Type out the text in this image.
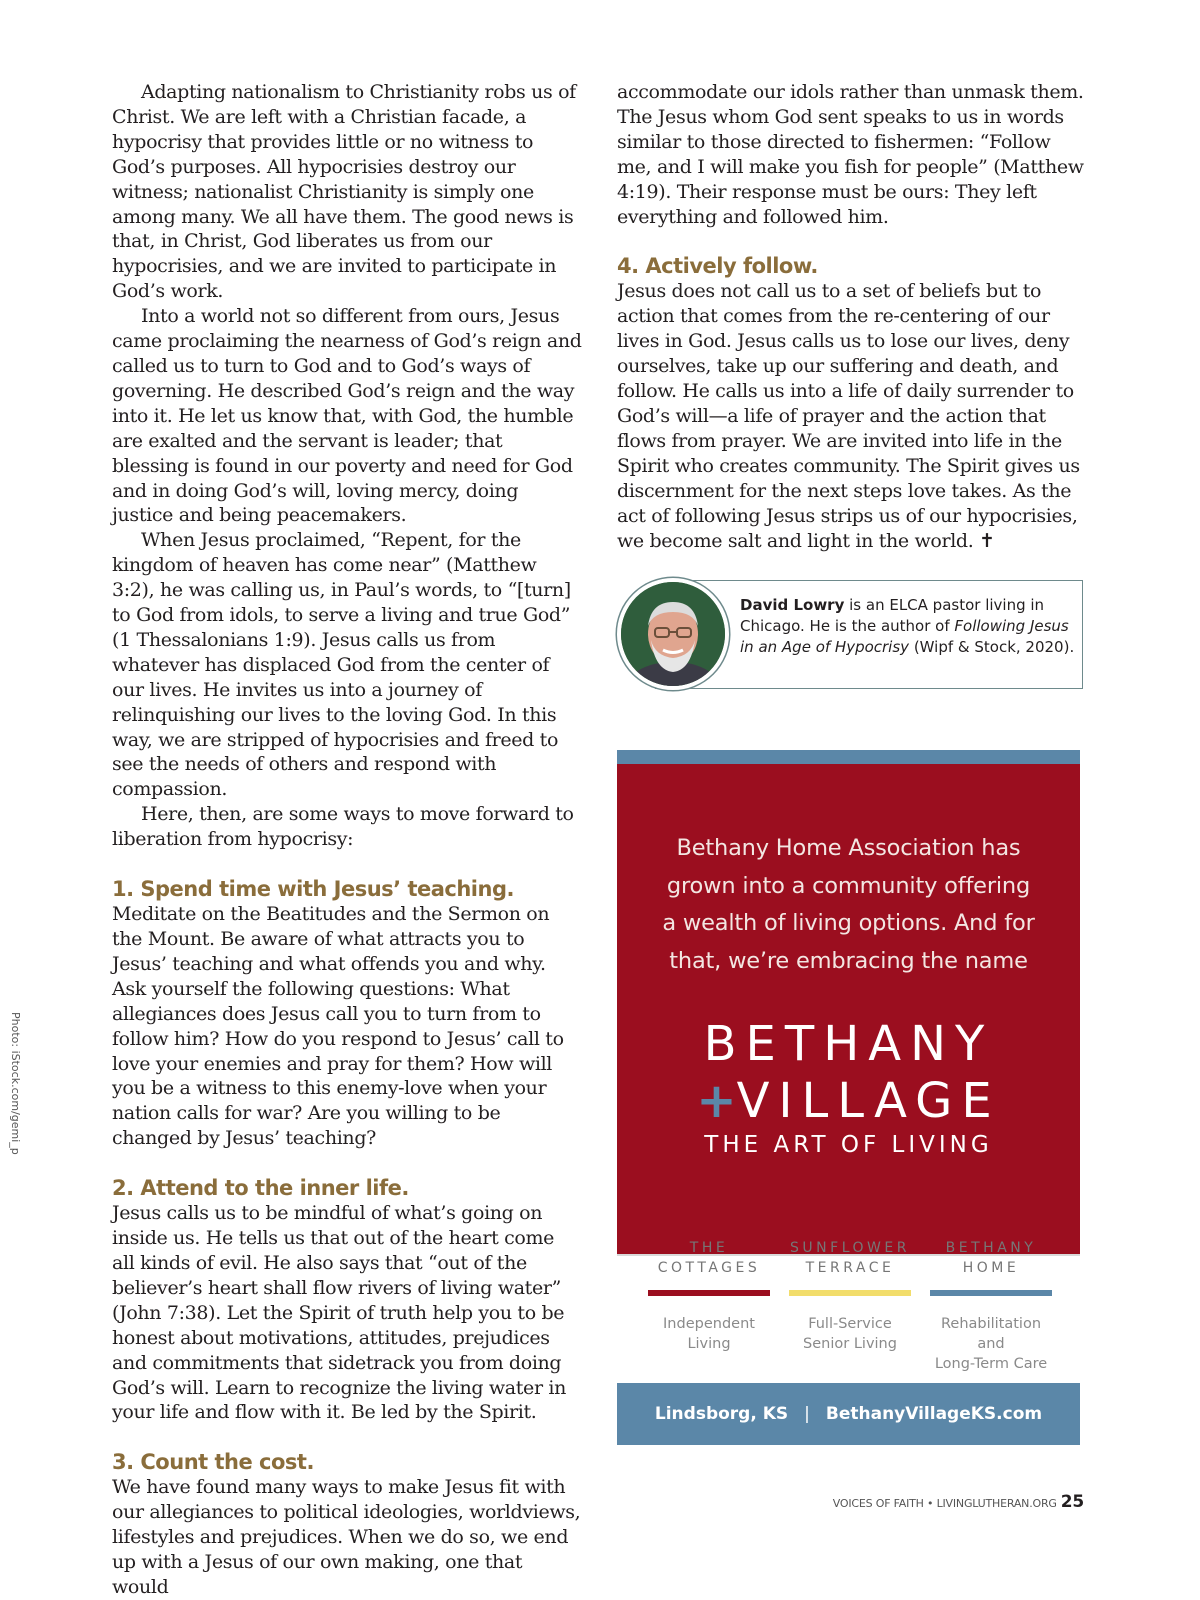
Photo: iStock.com/gemi_p

Adapting nationalism to Christianity robs us of Christ. We are left with a Christian facade, a hypocrisy that provides little or no witness to God’s purposes. All hypocrisies destroy our witness; nationalist Christianity is simply one among many. We all have them. The good news is that, in Christ, God liberates us from our hypocrisies, and we are invited to participate in God’s work.

Into a world not so different from ours, Jesus came proclaiming the nearness of God’s reign and called us to turn to God and to God’s ways of governing. He described God’s reign and the way into it. He let us know that, with God, the humble are exalted and the servant is leader; that blessing is found in our poverty and need for God and in doing God’s will, loving mercy, doing justice and being peacemakers.

When Jesus proclaimed, “Repent, for the kingdom of heaven has come near” (Matthew 3:2), he was calling us, in Paul’s words, to “[turn] to God from idols, to serve a living and true God” (1 Thessalonians 1:9). Jesus calls us from whatever has displaced God from the center of our lives. He invites us into a journey of relinquishing our lives to the loving God. In this way, we are stripped of hypocrisies and freed to see the needs of others and respond with compassion.

Here, then, are some ways to move forward to liberation from hypocrisy:

1. Spend time with Jesus’ teaching.

Meditate on the Beatitudes and the Sermon on the Mount. Be aware of what attracts you to Jesus’ teaching and what offends you and why. Ask yourself the following questions: What allegiances does Jesus call you to turn from to follow him? How do you respond to Jesus’ call to love your enemies and pray for them? How will you be a witness to this enemy-love when your nation calls for war? Are you willing to be changed by Jesus’ teaching?

2. Attend to the inner life.

Jesus calls us to be mindful of what’s going on inside us. He tells us that out of the heart come all kinds of evil. He also says that “out of the believer’s heart shall flow rivers of living water” (John 7:38). Let the Spirit of truth help you to be honest about motivations, attitudes, prejudices and commitments that sidetrack you from doing God’s will. Learn to recognize the living water in your life and flow with it. Be led by the Spirit.

3. Count the cost.

We have found many ways to make Jesus fit with our allegiances to political ideologies, worldviews, lifestyles and prejudices. When we do so, we end up with a Jesus of our own making, one that would

accommodate our idols rather than unmask them. The Jesus whom God sent speaks to us in words similar to those directed to fishermen: “Follow me, and I will make you fish for people” (Matthew 4:19). Their response must be ours: They left everything and followed him.

4. Actively follow.

Jesus does not call us to a set of beliefs but to action that comes from the re-centering of our lives in God. Jesus calls us to lose our lives, deny ourselves, take up our suffering and death, and follow. He calls us into a life of daily surrender to God’s will—a life of prayer and the action that flows from prayer. We are invited into life in the Spirit who creates community. The Spirit gives us discernment for the next steps love takes. As the act of following Jesus strips us of our hypocrisies, we become salt and light in the world. ✝

David Lowry is an ELCA pastor living in Chicago. He is the author of Following Jesus in an Age of Hypocrisy (Wipf & Stock, 2020).
Bethany Home Association has
grown into a community offering
a wealth of living options. And for
that, we’re embracing the name
BETHANY
+VILLAGE
THE ART OF LIVING
THE
COTTAGES
Independent
Living
SUNFLOWER
TERRACE
Full-Service
Senior Living
BETHANY
HOME
Rehabilitation and
Long-Term Care
Lindsborg, KS | BethanyVillageKS.com
VOICES OF FAITH • LIVINGLUTHERAN.ORG 25
